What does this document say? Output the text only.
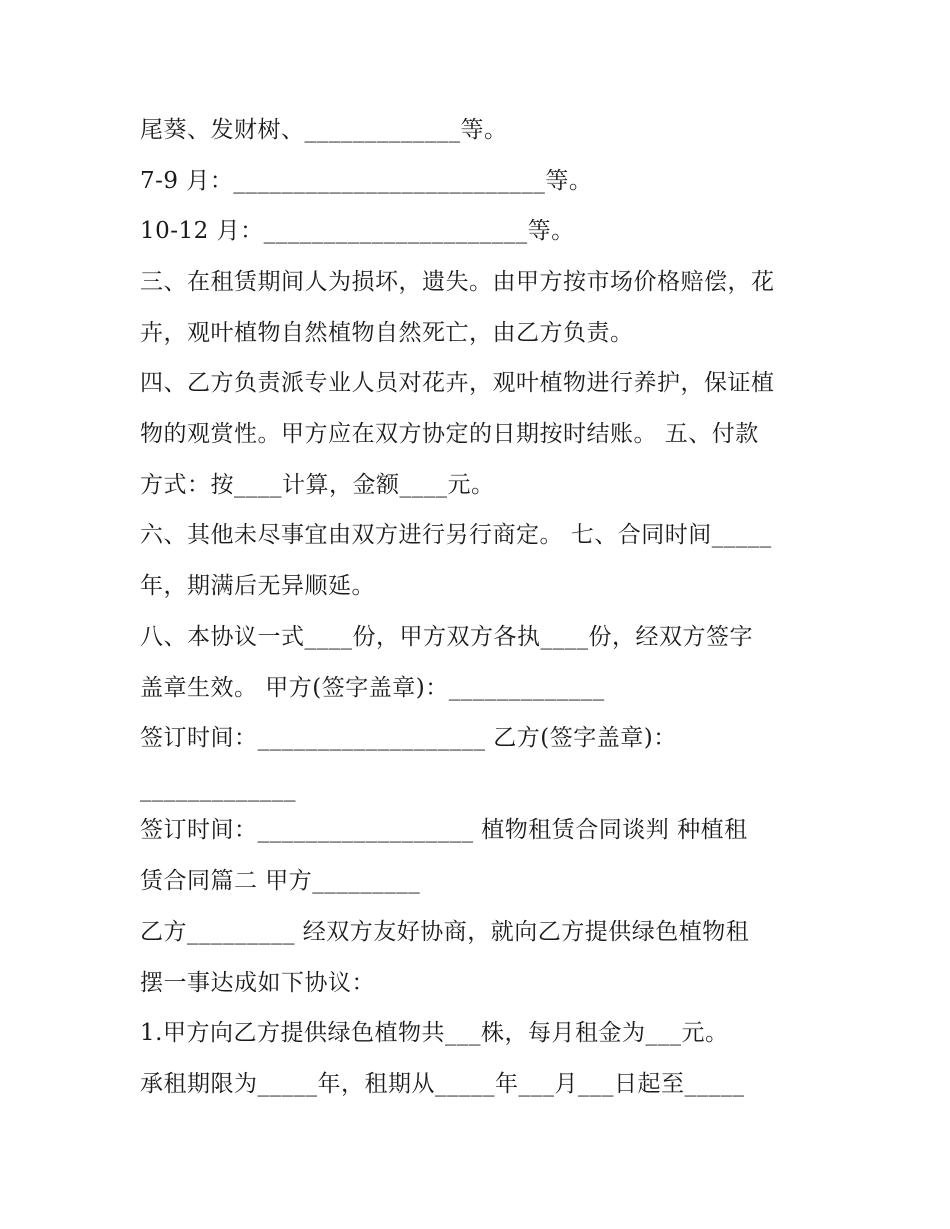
尾葵、发财树、_____________等。

7-9 月：__________________________等。

10-12 月：______________________等。

三、在租赁期间人为损坏，遗失。由甲方按市场价格赔偿，花

卉，观叶植物自然植物自然死亡，由乙方负责。

四、乙方负责派专业人员对花卉，观叶植物进行养护，保证植

物的观赏性。甲方应在双方协定的日期按时结账。 五、付款

方式：按____计算，金额____元。

六、其他未尽事宜由双方进行另行商定。 七、合同时间_____

年，期满后无异顺延。

八、本协议一式____份，甲方双方各执____份，经双方签字

盖章生效。 甲方(签字盖章)：_____________

签订时间：___________________ 乙方(签字盖章)：

_____________

签订时间：__________________ 植物租赁合同谈判 种植租

赁合同篇二 甲方_________

乙方_________ 经双方友好协商，就向乙方提供绿色植物租

摆一事达成如下协议：

1.甲方向乙方提供绿色植物共___株，每月租金为___元。

承租期限为_____年，租期从_____年___月___日起至_____
